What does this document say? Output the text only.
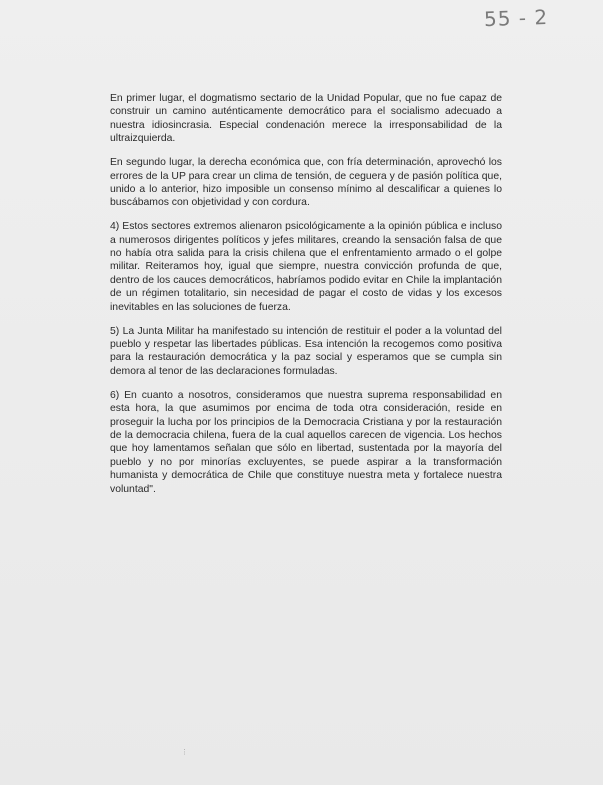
55 - 2

En primer lugar, el dogmatismo sectario de la Unidad Popular, que no fue capaz de construir un camino auténticamente democrático para el socialismo adecuado a nuestra idiosincrasia. Especial condenación merece la irresponsabilidad de la ultraizquierda.

En segundo lugar, la derecha económica que, con fría determinación, aprovechó los errores de la UP para crear un clima de tensión, de ceguera y de pasión política que, unido a lo anterior, hizo imposible un consenso mínimo al descalificar a quienes lo buscábamos con objetividad y con cordura.

4) Estos sectores extremos alienaron psicológicamente a la opinión pública e incluso a numerosos dirigentes políticos y jefes militares, creando la sensación falsa de que no había otra salida para la crisis chilena que el enfrentamiento armado o el golpe militar. Reiteramos hoy, igual que siempre, nuestra convicción profunda de que, dentro de los cauces democráticos, habríamos podido evitar en Chile la implantación de un régimen totalitario, sin necesidad de pagar el costo de vidas y los excesos inevitables en las soluciones de fuerza.

5) La Junta Militar ha manifestado su intención de restituir el poder a la voluntad del pueblo y respetar las libertades públicas. Esa intención la recogemos como positiva para la restauración democrática y la paz social y esperamos que se cumpla sin demora al tenor de las declaraciones formuladas.

6) En cuanto a nosotros, consideramos que nuestra suprema responsabilidad en esta hora, la que asumimos por encima de toda otra consideración, reside en proseguir la lucha por los principios de la Democracia Cristiana y por la restauración de la democracia chilena, fuera de la cual aquellos carecen de vigencia. Los hechos que hoy lamentamos señalan que sólo en libertad, sustentada por la mayoría del pueblo y no por minorías excluyentes, se puede aspirar a la transformación humanista y democrática de Chile que constituye nuestra meta y fortalece nuestra voluntad".

⋮
